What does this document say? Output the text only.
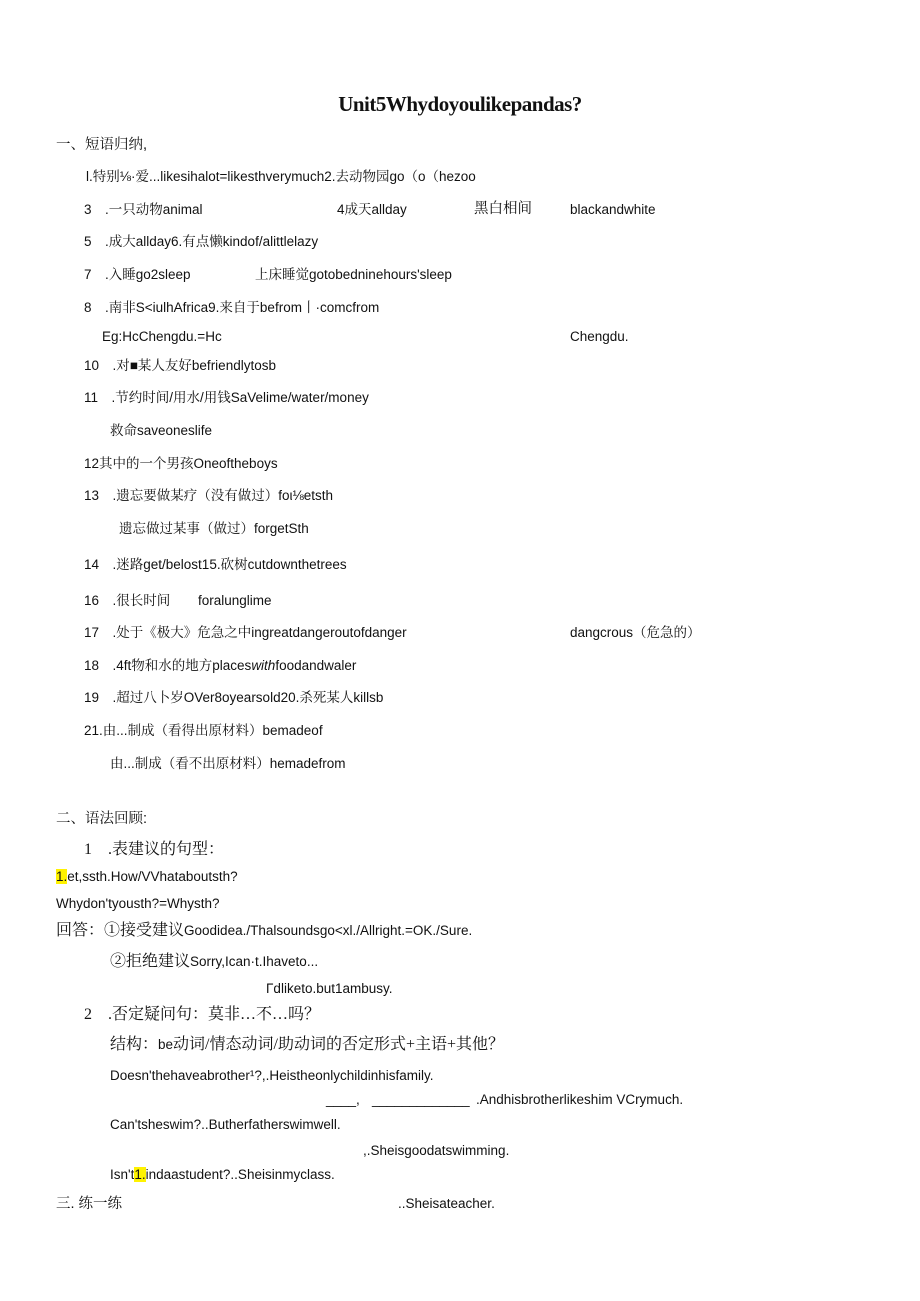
Unit5Whydoyoulikepandas?
一、短语归纳,
l.特别⅛·爱...likesihalot=likesthverymuch2.去动物园go（o（hezoo
3　.一只动物animal	4成天allday	黑白相间	blackandwhite
5　.成大allday6.有点懒kindof/alittlelazy
7　.入睡go2sleep	上床睡觉gotobedninehours'sleep
8　.南非S<iulhAfrica9.来自于befrom丨·comcfrom
Eg:HcChengdu.=Hc	Chengdu.
10　.对■某人友好befriendlytosb
11　.节约时间/用水/用钱SaVelime/water/money
救命saveoneslife
12其中的一个男孩Oneoftheboys
13　.遗忘要做某疗（没有做过）foι⅛etsth
遗忘做过某事（做过）forgetSth
14　.迷路get/belost15.砍树cutdownthetrees
16　.很长时间 foralunglime
17　.处于《极大》危急之中ingreatdangeroutofdanger	dangcrous（危急的）
18　.4ft物和水的地方placeswithfoodandwaler
19　.超过八卜岁OVer8oyearsold20.杀死某人killsb
21.由...制成（看得出原材料）bemadeof
由...制成（看不出原材料）hemadefrom
二、语法回顾:
1　.表建议的句型：
1.et,ssth.How/VVhataboutsth?
Whydon'tyousth?=Whysth?
回答：①接受建议Goodidea./Thalsoundsgo<xl./Allright.=OK./Sure.
②拒绝建议Sorry,Ican·t.Ihaveto...
Γdliketo.but1ambusy.
2　.否定疑问句：莫非…不…吗？
结构：be动词/情态动词/助动词的否定形式+主语+其他？
Doesn'thehaveabrother¹?,.Heistheonlychildinhisfamily.
____, _____________ .Andhisbrotherlikeshim VCrymuch.
Can'tsheswim?..Butherfatherswimwell.
,.Sheisgoodatswimming.
Isn't1.indaastudent?..Sheisinmyclass.
三. 练一练	..Sheisateacher.
